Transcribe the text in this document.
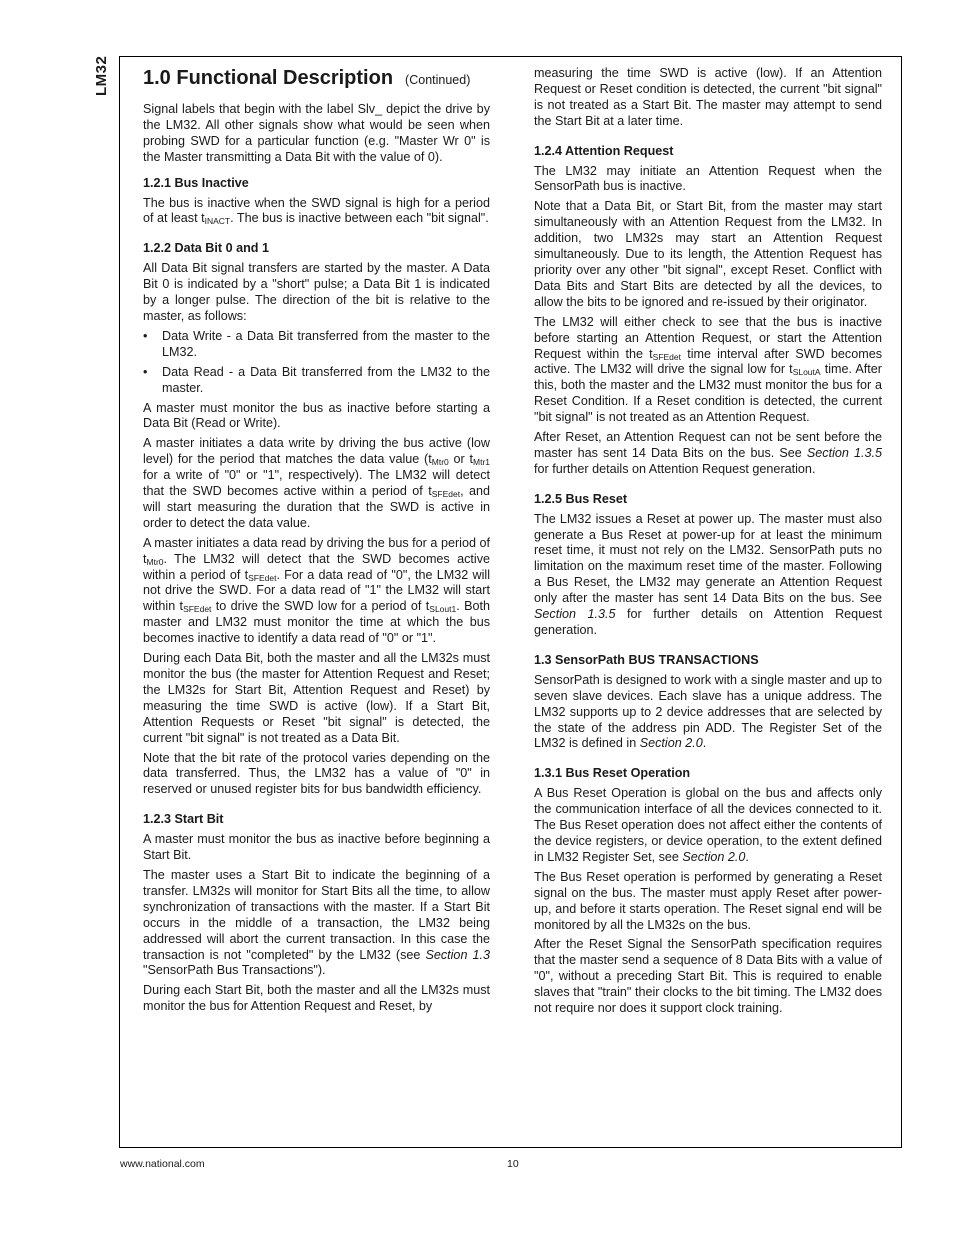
LM32 1.0 Functional Description (Continued)

Signal labels that begin with the label Slv_ depict the drive by the LM32. All other signals show what would be seen when probing SWD for a particular function (e.g. "Master Wr 0" is the Master transmitting a Data Bit with the value of 0).

1.2.1 Bus Inactive

The bus is inactive when the SWD signal is high for a period of at least $t_{INACT}$. The bus is inactive between each "bit signal".

1.2.2 Data Bit 0 and 1

All Data Bit signal transfers are started by the master. A Data Bit 0 is indicated by a "short" pulse; a Data Bit 1 is indicated by a longer pulse. The direction of the bit is relative to the master, as follows:

• Data Write - a Data Bit transferred from the master to the LM32.
• Data Read - a Data Bit transferred from the LM32 to the master.

A master must monitor the bus as inactive before starting a Data Bit (Read or Write).

A master initiates a data write by driving the bus active (low level) for the period that matches the data value ($t_{Mtr0}$ or $t_{Mtr1}$ for a write of "0" or "1", respectively). The LM32 will detect that the SWD becomes active within a period of $t_{SFEdet}$, and will start measuring the duration that the SWD is active in order to detect the data value.

A master initiates a data read by driving the bus for a period of $t_{Mtr0}$. The LM32 will detect that the SWD becomes active within a period of $t_{SFEdet}$. For a data read of "0", the LM32 will not drive the SWD. For a data read of "1" the LM32 will start within $t_{SFEdet}$ to drive the SWD low for a period of $t_{SLout1}$. Both master and LM32 must monitor the time at which the bus becomes inactive to identify a data read of "0" or "1".

During each Data Bit, both the master and all the LM32s must monitor the bus (the master for Attention Request and Reset; the LM32s for Start Bit, Attention Request and Reset) by measuring the time SWD is active (low). If a Start Bit, Attention Requests or Reset "bit signal" is detected, the current "bit signal" is not treated as a Data Bit.

Note that the bit rate of the protocol varies depending on the data transferred. Thus, the LM32 has a value of "0" in reserved or unused register bits for bus bandwidth efficiency.

1.2.3 Start Bit

A master must monitor the bus as inactive before beginning a Start Bit.

The master uses a Start Bit to indicate the beginning of a transfer. LM32s will monitor for Start Bits all the time, to allow synchronization of transactions with the master. If a Start Bit occurs in the middle of a transaction, the LM32 being addressed will abort the current transaction. In this case the transaction is not "completed" by the LM32 (see Section 1.3 "SensorPath Bus Transactions").

During each Start Bit, both the master and all the LM32s must monitor the bus for Attention Request and Reset, by

measuring the time SWD is active (low). If an Attention Request or Reset condition is detected, the current "bit signal" is not treated as a Start Bit. The master may attempt to send the Start Bit at a later time.

1.2.4 Attention Request

The LM32 may initiate an Attention Request when the SensorPath bus is inactive.

Note that a Data Bit, or Start Bit, from the master may start simultaneously with an Attention Request from the LM32. In addition, two LM32s may start an Attention Request simultaneously. Due to its length, the Attention Request has priority over any other "bit signal", except Reset. Conflict with Data Bits and Start Bits are detected by all the devices, to allow the bits to be ignored and re-issued by their originator.

The LM32 will either check to see that the bus is inactive before starting an Attention Request, or start the Attention Request within the $t_{SFEdet}$ time interval after SWD becomes active. The LM32 will drive the signal low for $t_{SLoutA}$ time. After this, both the master and the LM32 must monitor the bus for a Reset Condition. If a Reset condition is detected, the current "bit signal" is not treated as an Attention Request.

After Reset, an Attention Request can not be sent before the master has sent 14 Data Bits on the bus. See Section 1.3.5 for further details on Attention Request generation.

1.2.5 Bus Reset

The LM32 issues a Reset at power up. The master must also generate a Bus Reset at power-up for at least the minimum reset time, it must not rely on the LM32. SensorPath puts no limitation on the maximum reset time of the master. Following a Bus Reset, the LM32 may generate an Attention Request only after the master has sent 14 Data Bits on the bus. See Section 1.3.5 for further details on Attention Request generation.

1.3 SensorPath BUS TRANSACTIONS

SensorPath is designed to work with a single master and up to seven slave devices. Each slave has a unique address. The LM32 supports up to 2 device addresses that are selected by the state of the address pin ADD. The Register Set of the LM32 is defined in Section 2.0.

1.3.1 Bus Reset Operation

A Bus Reset Operation is global on the bus and affects only the communication interface of all the devices connected to it. The Bus Reset operation does not affect either the contents of the device registers, or device operation, to the extent defined in LM32 Register Set, see Section 2.0.

The Bus Reset operation is performed by generating a Reset signal on the bus. The master must apply Reset after power-up, and before it starts operation. The Reset signal end will be monitored by all the LM32s on the bus.

After the Reset Signal the SensorPath specification requires that the master send a sequence of 8 Data Bits with a value of "0", without a preceding Start Bit. This is required to enable slaves that "train" their clocks to the bit timing. The LM32 does not require nor does it support clock training.

www.national.com	10
